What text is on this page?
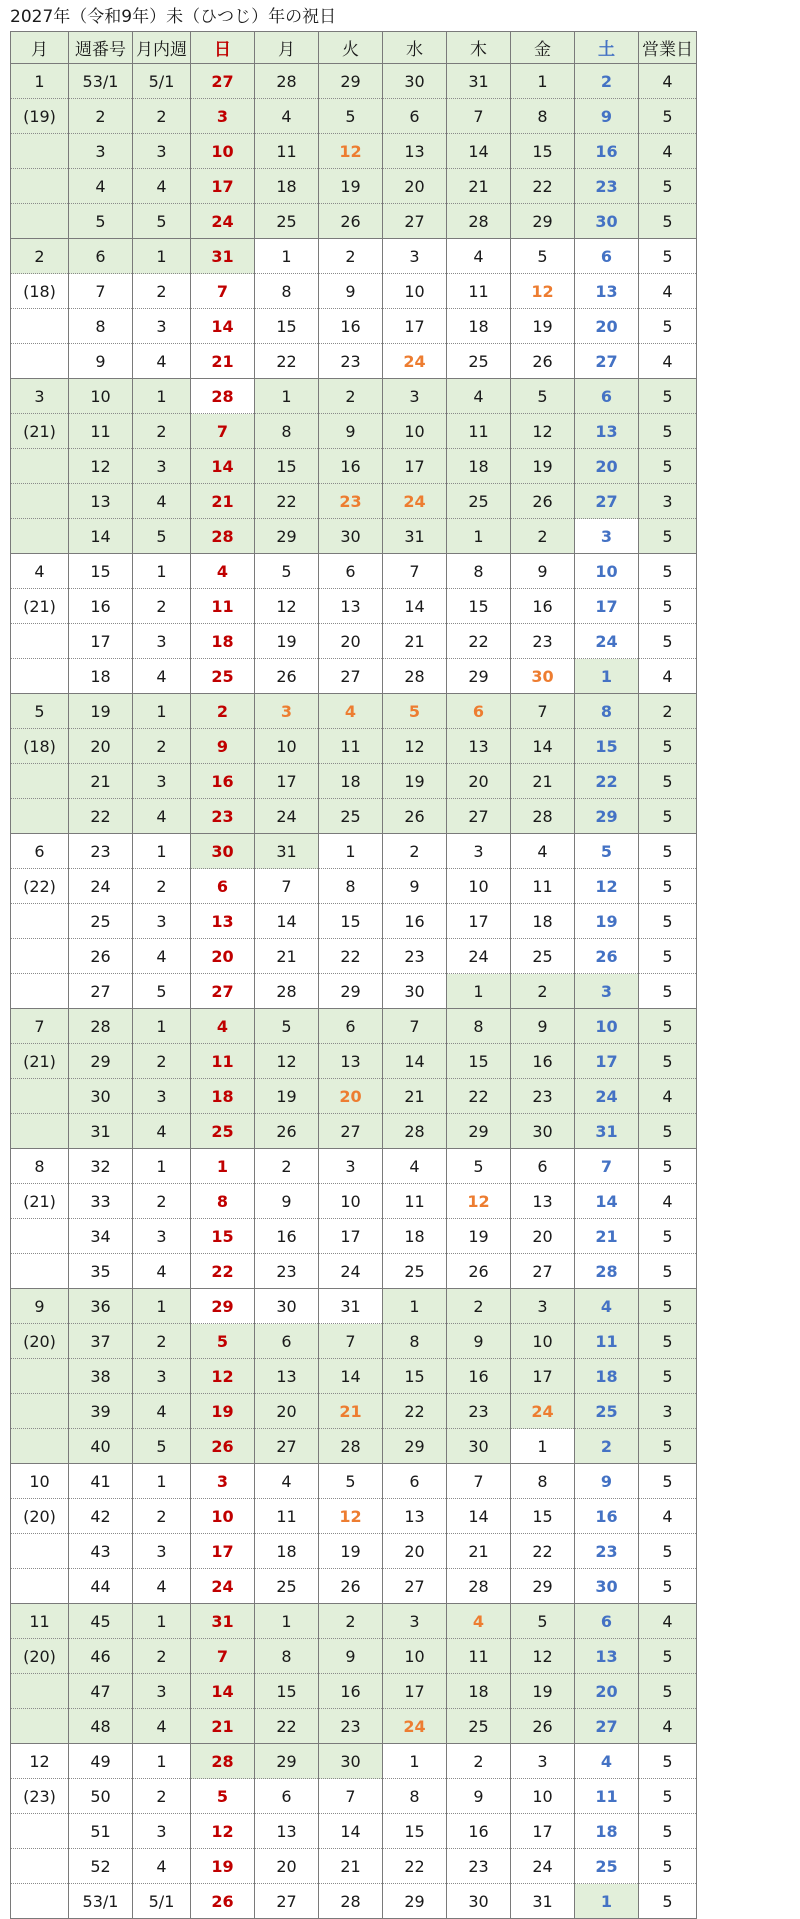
2027年（令和9年）未（ひつじ）年の祝日
月	週番号	月内週	日	月	火	水	木	金	土	営業日
1	53/1	5/1	27	28	29	30	31	1	2	4
(19)	2	2	3	4	5	6	7	8	9	5
	3	3	10	11	12	13	14	15	16	4
	4	4	17	18	19	20	21	22	23	5
	5	5	24	25	26	27	28	29	30	5
2	6	1	31	1	2	3	4	5	6	5
(18)	7	2	7	8	9	10	11	12	13	4
	8	3	14	15	16	17	18	19	20	5
	9	4	21	22	23	24	25	26	27	4
3	10	1	28	1	2	3	4	5	6	5
(21)	11	2	7	8	9	10	11	12	13	5
	12	3	14	15	16	17	18	19	20	5
	13	4	21	22	23	24	25	26	27	3
	14	5	28	29	30	31	1	2	3	5
4	15	1	4	5	6	7	8	9	10	5
(21)	16	2	11	12	13	14	15	16	17	5
	17	3	18	19	20	21	22	23	24	5
	18	4	25	26	27	28	29	30	1	4
5	19	1	2	3	4	5	6	7	8	2
(18)	20	2	9	10	11	12	13	14	15	5
	21	3	16	17	18	19	20	21	22	5
	22	4	23	24	25	26	27	28	29	5
6	23	1	30	31	1	2	3	4	5	5
(22)	24	2	6	7	8	9	10	11	12	5
	25	3	13	14	15	16	17	18	19	5
	26	4	20	21	22	23	24	25	26	5
	27	5	27	28	29	30	1	2	3	5
7	28	1	4	5	6	7	8	9	10	5
(21)	29	2	11	12	13	14	15	16	17	5
	30	3	18	19	20	21	22	23	24	4
	31	4	25	26	27	28	29	30	31	5
8	32	1	1	2	3	4	5	6	7	5
(21)	33	2	8	9	10	11	12	13	14	4
	34	3	15	16	17	18	19	20	21	5
	35	4	22	23	24	25	26	27	28	5
9	36	1	29	30	31	1	2	3	4	5
(20)	37	2	5	6	7	8	9	10	11	5
	38	3	12	13	14	15	16	17	18	5
	39	4	19	20	21	22	23	24	25	3
	40	5	26	27	28	29	30	1	2	5
10	41	1	3	4	5	6	7	8	9	5
(20)	42	2	10	11	12	13	14	15	16	4
	43	3	17	18	19	20	21	22	23	5
	44	4	24	25	26	27	28	29	30	5
11	45	1	31	1	2	3	4	5	6	4
(20)	46	2	7	8	9	10	11	12	13	5
	47	3	14	15	16	17	18	19	20	5
	48	4	21	22	23	24	25	26	27	4
12	49	1	28	29	30	1	2	3	4	5
(23)	50	2	5	6	7	8	9	10	11	5
	51	3	12	13	14	15	16	17	18	5
	52	4	19	20	21	22	23	24	25	5
	53/1	5/1	26	27	28	29	30	31	1	5
